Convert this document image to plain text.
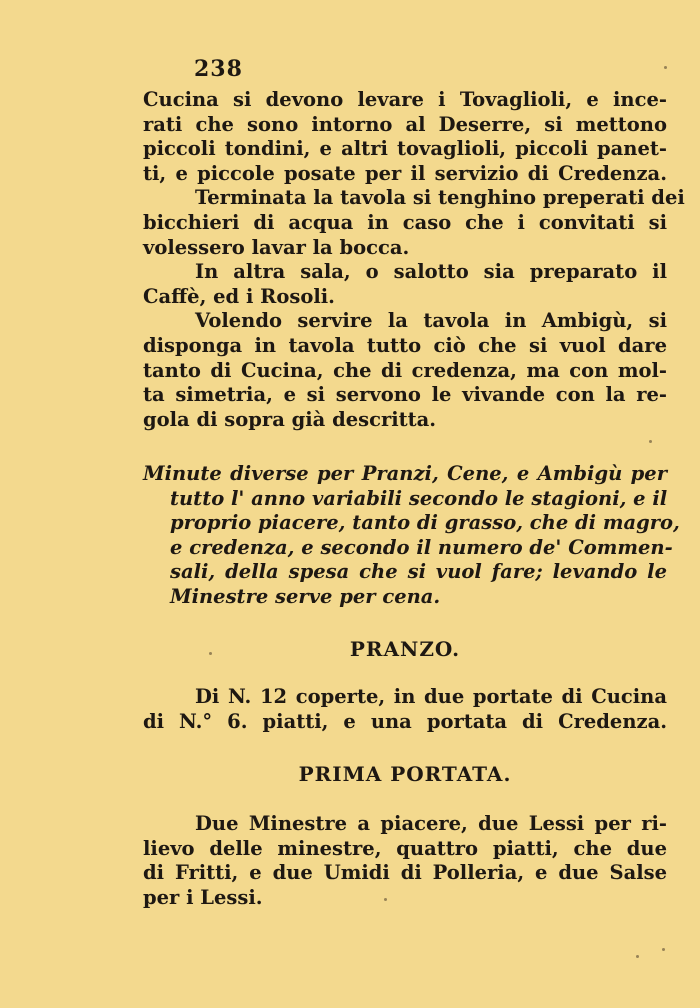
238
Cucina si devono levare i Tovaglioli, e ince-
rati che sono intorno al Deserre, si mettono
piccoli tondini, e altri tovaglioli, piccoli panet-
ti, e piccole posate per il servizio di Credenza.
Terminata la tavola si tenghino preperati dei
bicchieri di acqua in caso che i convitati si
volessero lavar la bocca.
In altra sala, o salotto sia preparato il
Caffè, ed i Rosoli.
Volendo servire la tavola in Ambigù, si
disponga in tavola tutto ciò che si vuol dare
tanto di Cucina, che di credenza, ma con mol-
ta simetria, e si servono le vivande con la re-
gola di sopra già descritta.
Minute diverse per Pranzi, Cene, e Ambigù per
tutto l' anno variabili secondo le stagioni, e il
proprio piacere, tanto di grasso, che di magro,
e credenza, e secondo il numero de' Commen-
sali, della spesa che si vuol fare; levando le
Minestre serve per cena.
PRANZO.
Di N. 12 coperte, in due portate di Cucina
di N.° 6. piatti, e una portata di Credenza.
PRIMA PORTATA.
Due Minestre a piacere, due Lessi per ri-
lievo delle minestre, quattro piatti, che due
di Fritti, e due Umidi di Polleria, e due Salse
per i Lessi.
